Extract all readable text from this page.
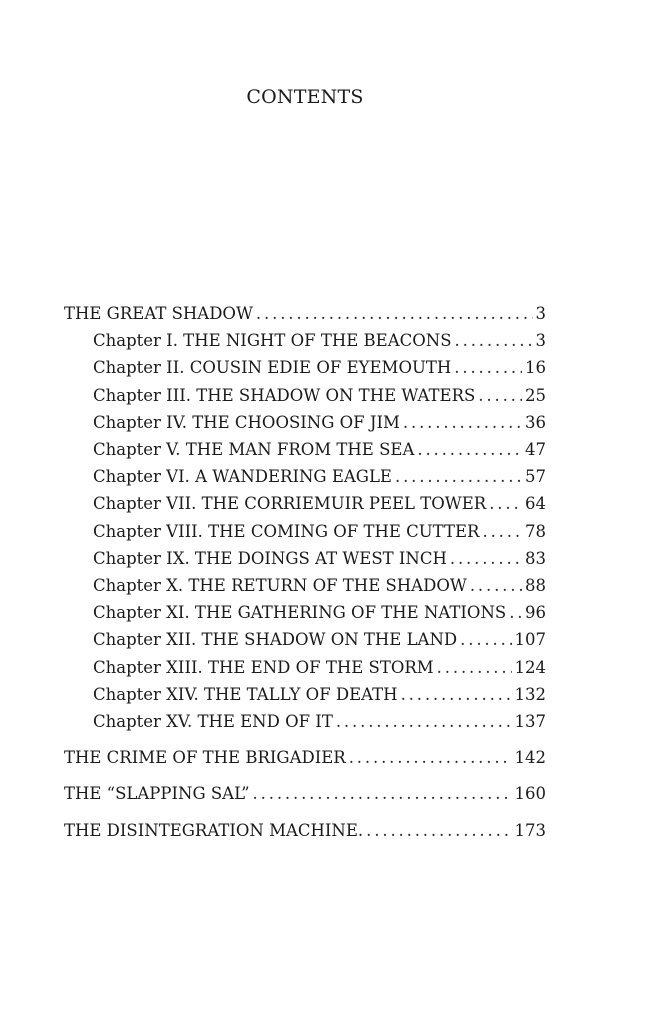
CONTENTS
THE GREAT SHADOW . . .	3
Chapter I. THE NIGHT OF THE BEACONS . . .	3
Chapter II. COUSIN EDIE OF EYEMOUTH . . .	16
Chapter III. THE SHADOW ON THE WATERS . . .	25
Chapter IV. THE CHOOSING OF JIM . . .	36
Chapter V. THE MAN FROM THE SEA . . .	47
Chapter VI. A WANDERING EAGLE . . .	57
Chapter VII. THE CORRIEMUIR PEEL TOWER . . . 64
Chapter VIII. THE COMING OF THE CUTTER . . .	78
Chapter IX. THE DOINGS AT WEST INCH . . .	83
Chapter X. THE RETURN OF THE SHADOW . . .	88
Chapter XI. THE GATHERING OF THE NATIONS . . . 96
Chapter XII. THE SHADOW ON THE LAND . . .	107
Chapter XIII. THE END OF THE STORM . . .	124
Chapter XIV. THE TALLY OF DEATH . . .	132
Chapter XV. THE END OF IT . . .	137
THE CRIME OF THE BRIGADIER . . .	142
THE “SLAPPING SAL” . . .	160
THE DISINTEGRATION MACHINE. . . .	173
